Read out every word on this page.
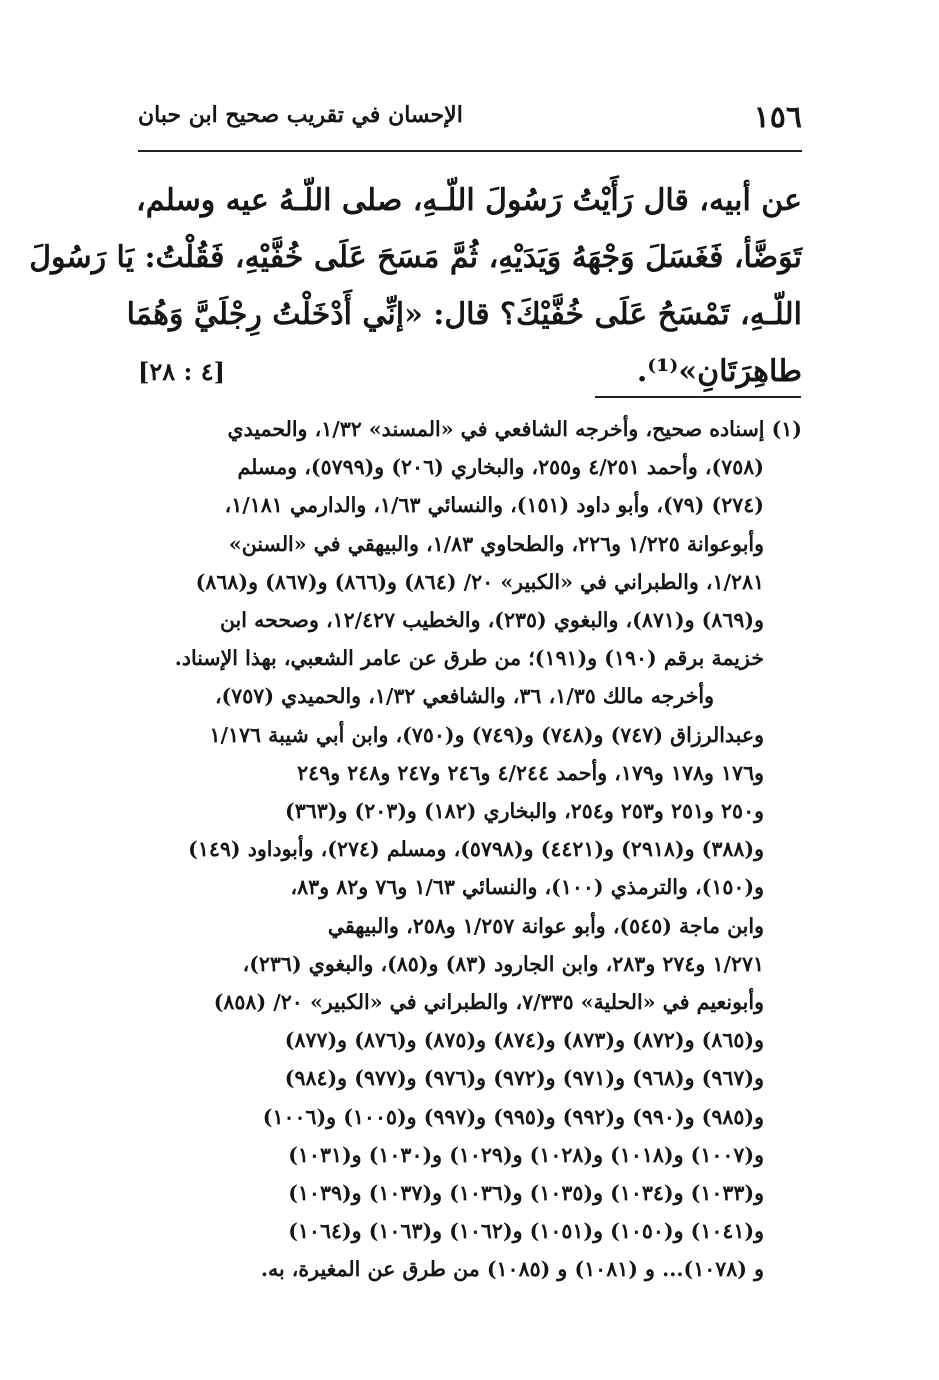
١٥٦
الإحسان في تقريب صحيح ابن حبان
عن أبيه، قال رَأَيْتُ رَسُولَ اللّـهِ، صلى اللّـهُ عيه وسلم،
تَوَضَّأ، فَغَسَلَ وَجْهَهُ وَيَدَيْهِ، ثُمَّ مَسَحَ عَلَى خُفَّيْهِ، فَقُلْتُ: يَا رَسُولَ
اللّـهِ، تَمْسَحُ عَلَى خُفَّيْكَ؟ قال: «إنِّي أَدْخَلْتُ رِجْلَيَّ وَهُمَا
طاهِرَتَانِ»⁽¹⁾.
[٤ : ٢٨]
(١) إسناده صحيح، وأخرجه الشافعي في «المسند» ١/٣٢، والحميدي
(٧٥٨)، وأحمد ٤/٢٥١ و٢٥٥، والبخاري (٢٠٦) و(٥٧٩٩)، ومسلم
(٢٧٤) (٧٩)، وأبو داود (١٥١)، والنسائي ١/٦٣، والدارمي ١/١٨١،
وأبوعوانة ١/٢٢٥ و٢٢٦، والطحاوي ١/٨٣، والبيهقي في «السنن»
١/٢٨١، والطبراني في «الكبير» ٢٠/ (٨٦٤) و(٨٦٦) و(٨٦٧) و(٨٦٨)
و(٨٦٩) و(٨٧١)، والبغوي (٢٣٥)، والخطيب ١٢/٤٢٧، وصححه ابن
خزيمة برقم (١٩٠) و(١٩١)؛ من طرق عن عامر الشعبي، بهذا الإسناد.
وأخرجه مالك ١/٣٥، ٣٦، والشافعي ١/٣٢، والحميدي (٧٥٧)،
وعبدالرزاق (٧٤٧) و(٧٤٨) و(٧٤٩) و(٧٥٠)، وابن أبي شيبة ١/١٧٦
و١٧٦ و١٧٨ و١٧٩، وأحمد ٤/٢٤٤ و٢٤٦ و٢٤٧ و٢٤٨ و٢٤٩
و٢٥٠ و٢٥١ و٢٥٣ و٢٥٤، والبخاري (١٨٢) و(٢٠٣) و(٣٦٣)
و(٣٨٨) و(٢٩١٨) و(٤٤٢١) و(٥٧٩٨)، ومسلم (٢٧٤)، وأبوداود (١٤٩)
و(١٥٠)، والترمذي (١٠٠)، والنسائي ١/٦٣ و٧٦ و٨٢ و٨٣،
وابن ماجة (٥٤٥)، وأبو عوانة ١/٢٥٧ و٢٥٨، والبيهقي
١/٢٧١ و٢٧٤ و٢٨٣، وابن الجارود (٨٣) و(٨٥)، والبغوي (٢٣٦)،
وأبونعيم في «الحلية» ٧/٣٣٥، والطبراني في «الكبير» ٢٠/ (٨٥٨)
و(٨٦٥) و(٨٧٢) و(٨٧٣) و(٨٧٤) و(٨٧٥) و(٨٧٦) و(٨٧٧)
و(٩٦٧) و(٩٦٨) و(٩٧١) و(٩٧٢) و(٩٧٦) و(٩٧٧) و(٩٨٤)
و(٩٨٥) و(٩٩٠) و(٩٩٢) و(٩٩٥) و(٩٩٧) و(١٠٠٥) و(١٠٠٦)
و(١٠٠٧) و(١٠١٨) و(١٠٢٨) و(١٠٢٩) و(١٠٣٠) و(١٠٣١)
و(١٠٣٣) و(١٠٣٤) و(١٠٣٥) و(١٠٣٦) و(١٠٣٧) و(١٠٣٩)
و(١٠٤١) و(١٠٥٠) و(١٠٥١) و(١٠٦٢) و(١٠٦٣) و(١٠٦٤)
و (١٠٧٨)... و (١٠٨١) و (١٠٨٥) من طرق عن المغيرة، به.
